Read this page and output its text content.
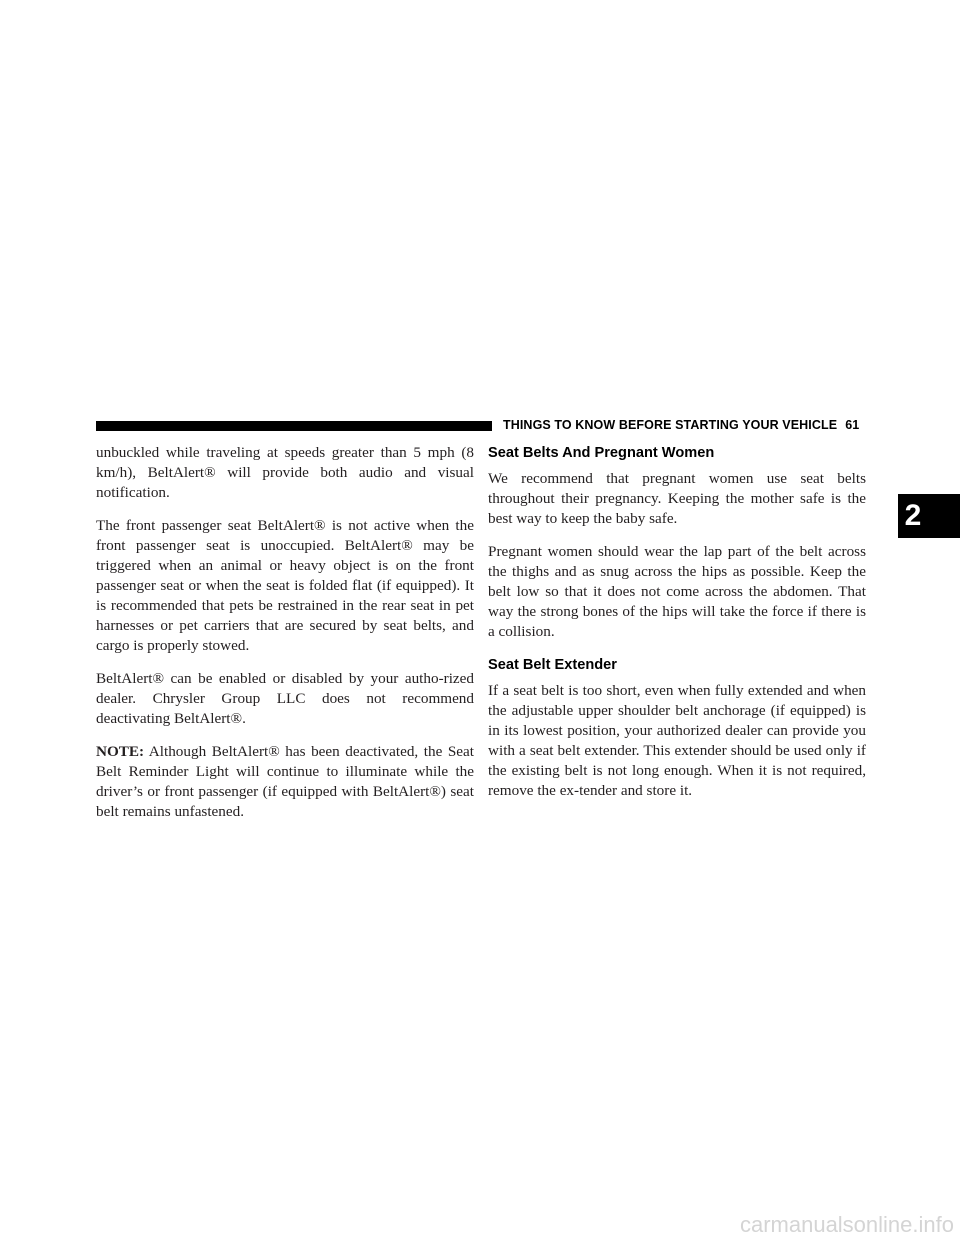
THINGS TO KNOW BEFORE STARTING YOUR VEHICLE 61

unbuckled while traveling at speeds greater than 5 mph (8 km/h), BeltAlert® will provide both audio and visual notification.

The front passenger seat BeltAlert® is not active when the front passenger seat is unoccupied. BeltAlert® may be triggered when an animal or heavy object is on the front passenger seat or when the seat is folded flat (if equipped). It is recommended that pets be restrained in the rear seat in pet harnesses or pet carriers that are secured by seat belts, and cargo is properly stowed.

BeltAlert® can be enabled or disabled by your autho-rized dealer. Chrysler Group LLC does not recommend deactivating BeltAlert®.

NOTE: Although BeltAlert® has been deactivated, the Seat Belt Reminder Light will continue to illuminate while the driver’s or front passenger (if equipped with BeltAlert®) seat belt remains unfastened.

Seat Belts And Pregnant Women

We recommend that pregnant women use seat belts throughout their pregnancy. Keeping the mother safe is the best way to keep the baby safe.

Pregnant women should wear the lap part of the belt across the thighs and as snug across the hips as possible. Keep the belt low so that it does not come across the abdomen. That way the strong bones of the hips will take the force if there is a collision.

Seat Belt Extender

If a seat belt is too short, even when fully extended and when the adjustable upper shoulder belt anchorage (if equipped) is in its lowest position, your authorized dealer can provide you with a seat belt extender. This extender should be used only if the existing belt is not long enough. When it is not required, remove the ex-tender and store it.

2
carmanualsonline.info
